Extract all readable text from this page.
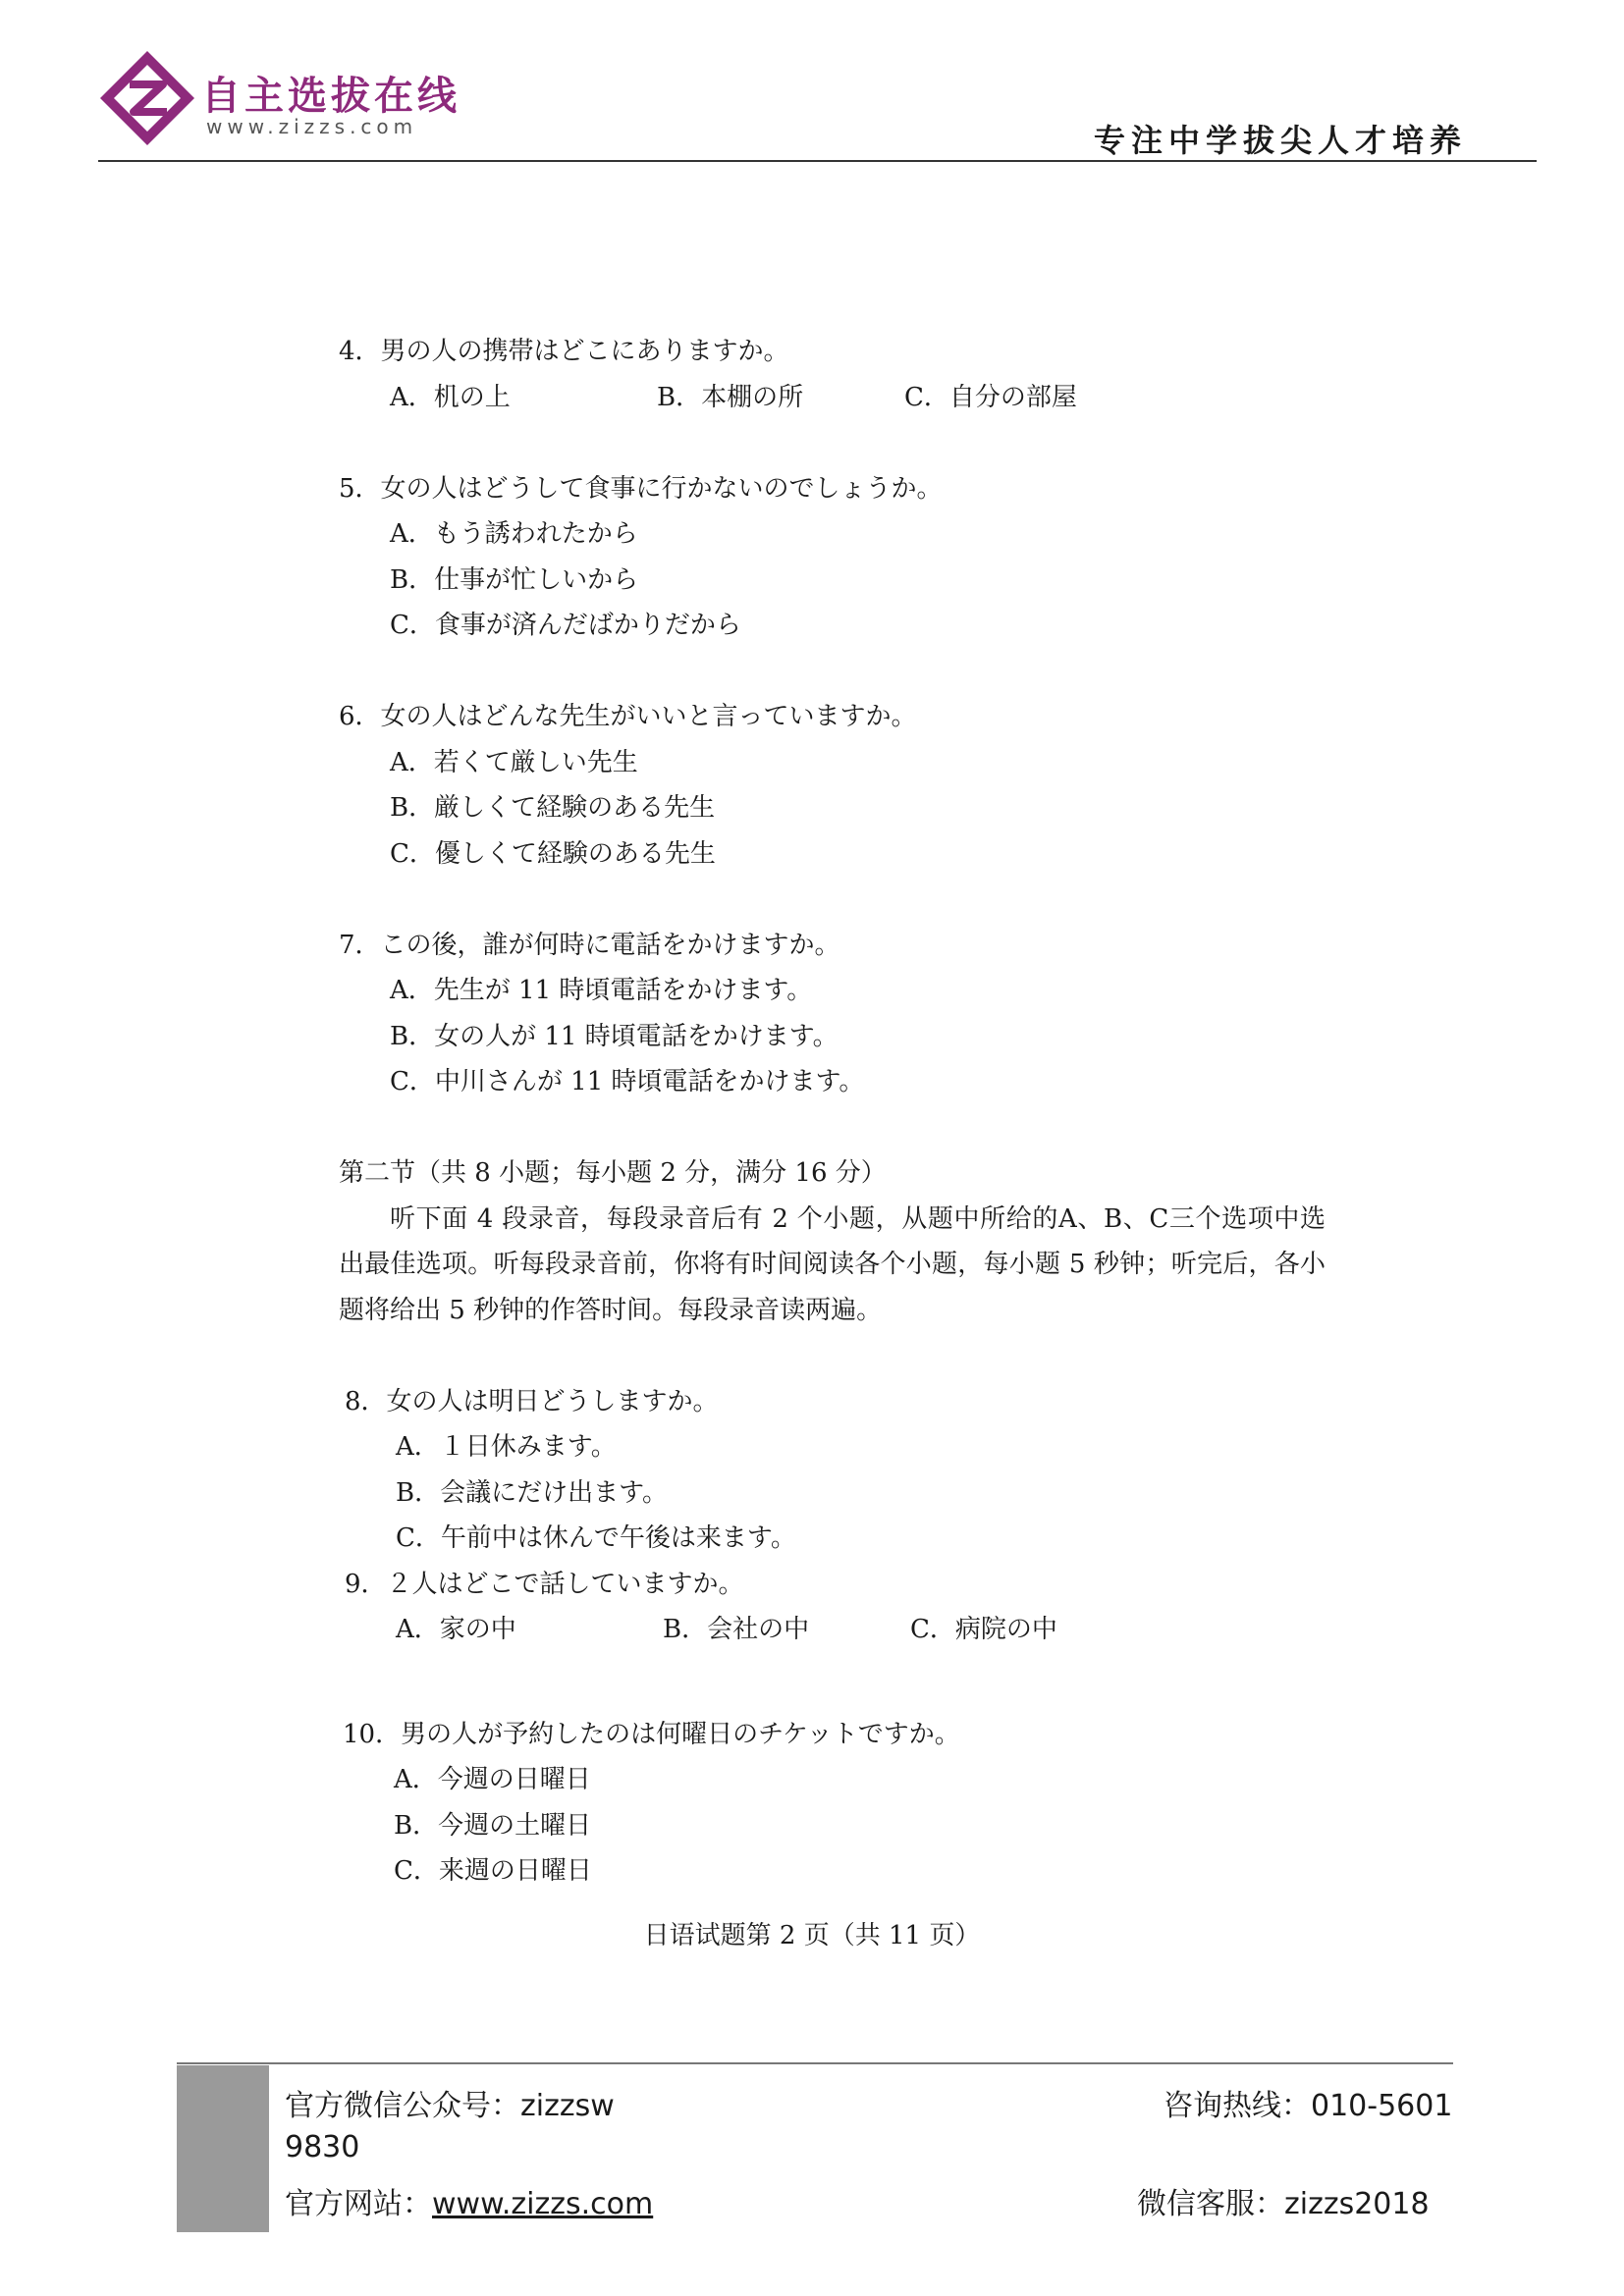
自主选拔在线
www.zizzs.com	专注中学拔尖人才培养
4．男の人の携帯はどこにありますか。
A．机の上	B．本棚の所	C．自分の部屋
5．女の人はどうして食事に行かないのでしょうか。
A．もう誘われたから
B．仕事が忙しいから
C．食事が済んだばかりだから
6．女の人はどんな先生がいいと言っていますか。
A．若くて厳しい先生
B．厳しくて経験のある先生
C．優しくて経験のある先生
7．この後，誰が何時に電話をかけますか。
A．先生が 11 時頃電話をかけます。
B．女の人が 11 時頃電話をかけます。
C．中川さんが 11 時頃電話をかけます。
第二节（共 8 小题；每小题 2 分，满分 16 分）
听下面 4 段录音，每段录音后有 2 个小题，从题中所给的A、B、C三个选项中选出最佳选项。听每段录音前，你将有时间阅读各个小题，每小题 5 秒钟；听完后，各小题将给出 5 秒钟的作答时间。每段录音读两遍。
8．女の人は明日どうしますか。
A．１日休みます。
B．会議にだけ出ます。
C．午前中は休んで午後は来ます。
9．２人はどこで話していますか。
A．家の中	B．会社の中	C．病院の中
10．男の人が予約したのは何曜日のチケットですか。
A．今週の日曜日
B．今週の土曜日
C．来週の日曜日
日语试题第 2 页（共 11 页）
官方微信公众号：zizzsw
9830
官方网站：www.zizzs.com
咨询热线：010-5601
微信客服：zizzs2018
